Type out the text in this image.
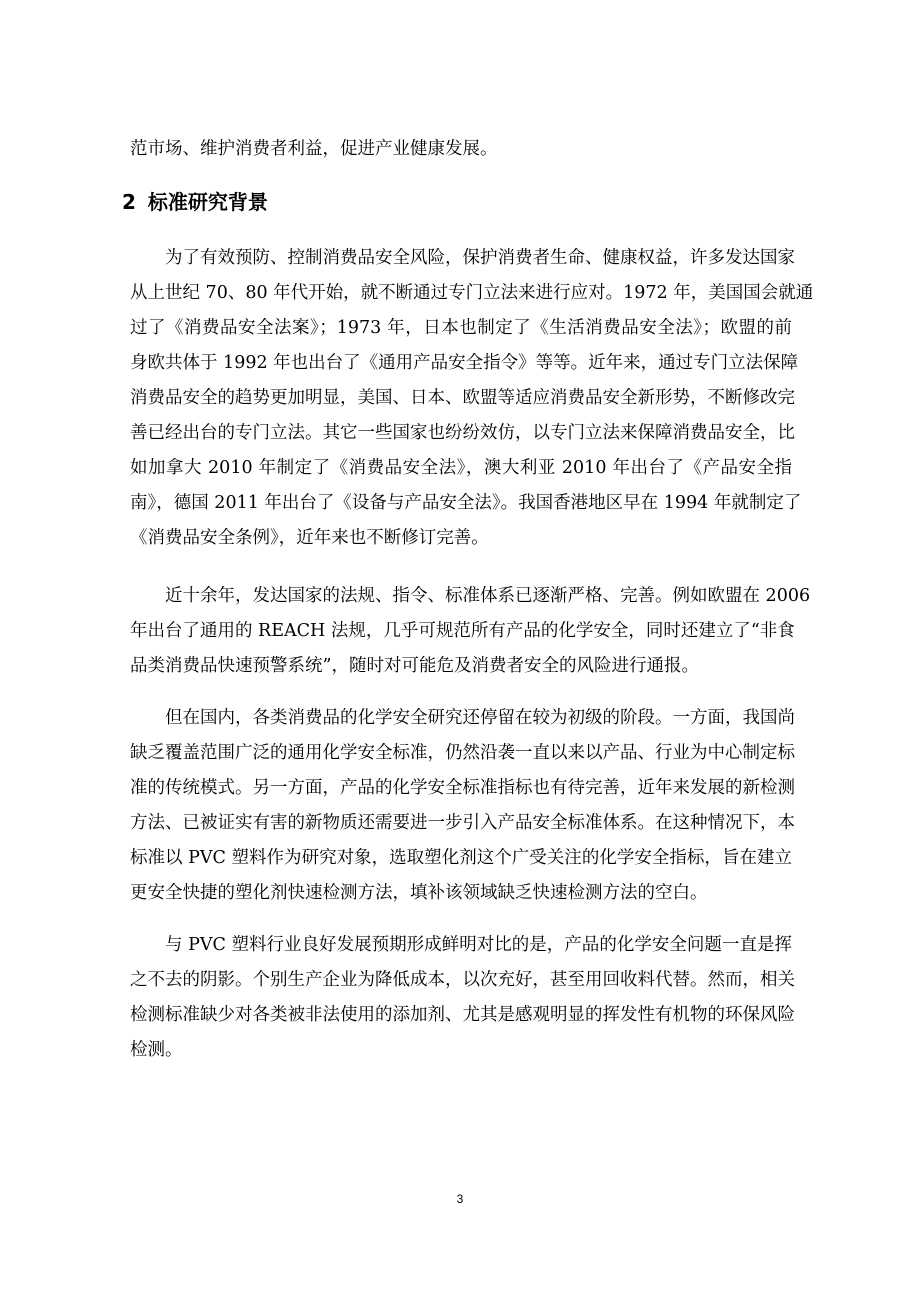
范市场、维护消费者利益，促进产业健康发展。
2 标准研究背景
为了有效预防、控制消费品安全风险，保护消费者生命、健康权益，许多发达国家
从上世纪 70、80 年代开始，就不断通过专门立法来进行应对。1972 年，美国国会就通
过了《消费品安全法案》；1973 年，日本也制定了《生活消费品安全法》；欧盟的前
身欧共体于 1992 年也出台了《通用产品安全指令》等等。近年来，通过专门立法保障
消费品安全的趋势更加明显，美国、日本、欧盟等适应消费品安全新形势，不断修改完
善已经出台的专门立法。其它一些国家也纷纷效仿，以专门立法来保障消费品安全，比
如加拿大 2010 年制定了《消费品安全法》，澳大利亚 2010 年出台了《产品安全指
南》，德国 2011 年出台了《设备与产品安全法》。我国香港地区早在 1994 年就制定了
《消费品安全条例》，近年来也不断修订完善。
近十余年，发达国家的法规、指令、标准体系已逐渐严格、完善。例如欧盟在 2006
年出台了通用的 REACH 法规，几乎可规范所有产品的化学安全，同时还建立了“非食
品类消费品快速预警系统”，随时对可能危及消费者安全的风险进行通报。
但在国内，各类消费品的化学安全研究还停留在较为初级的阶段。一方面，我国尚
缺乏覆盖范围广泛的通用化学安全标准，仍然沿袭一直以来以产品、行业为中心制定标
准的传统模式。另一方面，产品的化学安全标准指标也有待完善，近年来发展的新检测
方法、已被证实有害的新物质还需要进一步引入产品安全标准体系。在这种情况下，本
标准以 PVC 塑料作为研究对象，选取塑化剂这个广受关注的化学安全指标，旨在建立
更安全快捷的塑化剂快速检测方法，填补该领域缺乏快速检测方法的空白。
与 PVC 塑料行业良好发展预期形成鲜明对比的是，产品的化学安全问题一直是挥
之不去的阴影。个别生产企业为降低成本，以次充好，甚至用回收料代替。然而，相关
检测标准缺少对各类被非法使用的添加剂、尤其是感观明显的挥发性有机物的环保风险
检测。
3
